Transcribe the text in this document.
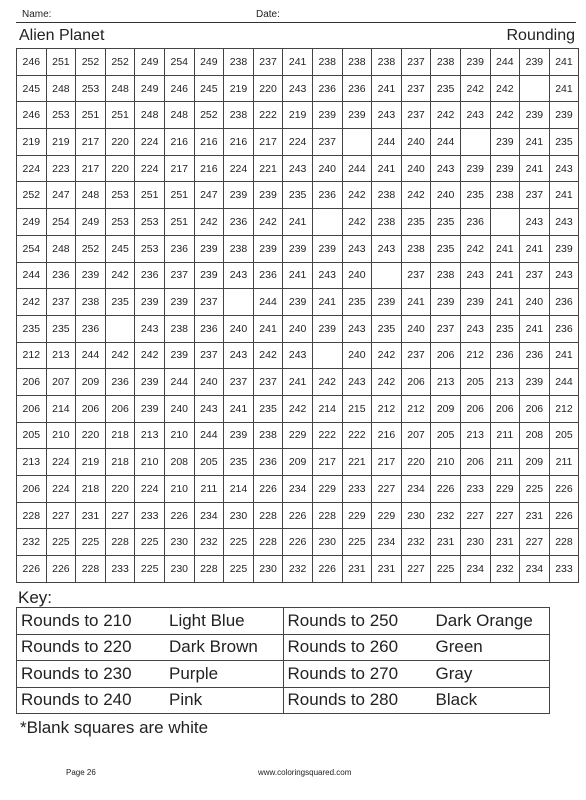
Name:	Date:
Alien Planet	Rounding
246	251	252	252	249	254	249	238	237	241	238	238	238	237	238	239	244	239	241
245	248	253	248	249	246	245	219	220	243	236	236	241	237	235	242	242		241
246	253	251	251	248	248	252	238	222	219	239	239	243	237	242	243	242	239	239
219	219	217	220	224	216	216	216	217	224	237		244	240	244		239	241	235
224	223	217	220	224	217	216	224	221	243	240	244	241	240	243	239	239	241	243
252	247	248	253	251	251	247	239	239	235	236	242	238	242	240	235	238	237	241
249	254	249	253	253	251	242	236	242	241		242	238	235	235	236		243	243
254	248	252	245	253	236	239	238	239	239	239	243	243	238	235	242	241	241	239
244	236	239	242	236	237	239	243	236	241	243	240		237	238	243	241	237	243
242	237	238	235	239	239	237		244	239	241	235	239	241	239	239	241	240	236
235	235	236		243	238	236	240	241	240	239	243	235	240	237	243	235	241	236
212	213	244	242	242	239	237	243	242	243		240	242	237	206	212	236	236	241
206	207	209	236	239	244	240	237	237	241	242	243	242	206	213	205	213	239	244
206	214	206	206	239	240	243	241	235	242	214	215	212	212	209	206	206	206	212
205	210	220	218	213	210	244	239	238	229	222	222	216	207	205	213	211	208	205
213	224	219	218	210	208	205	235	236	209	217	221	217	220	210	206	211	209	211
206	224	218	220	224	210	211	214	226	234	229	233	227	234	226	233	229	225	226
228	227	231	227	233	226	234	230	228	226	228	229	229	230	232	227	227	231	226
232	225	225	228	225	230	232	225	228	226	230	225	234	232	231	230	231	227	228
226	226	228	233	225	230	228	225	230	232	226	231	231	227	225	234	232	234	233
Key:
Rounds to 210 Light Blue	Rounds to 250 Dark Orange
Rounds to 220 Dark Brown	Rounds to 260 Green
Rounds to 230 Purple	Rounds to 270 Gray
Rounds to 240 Pink	Rounds to 280 Black
*Blank squares are white
Page 26	www.coloringsquared.com
